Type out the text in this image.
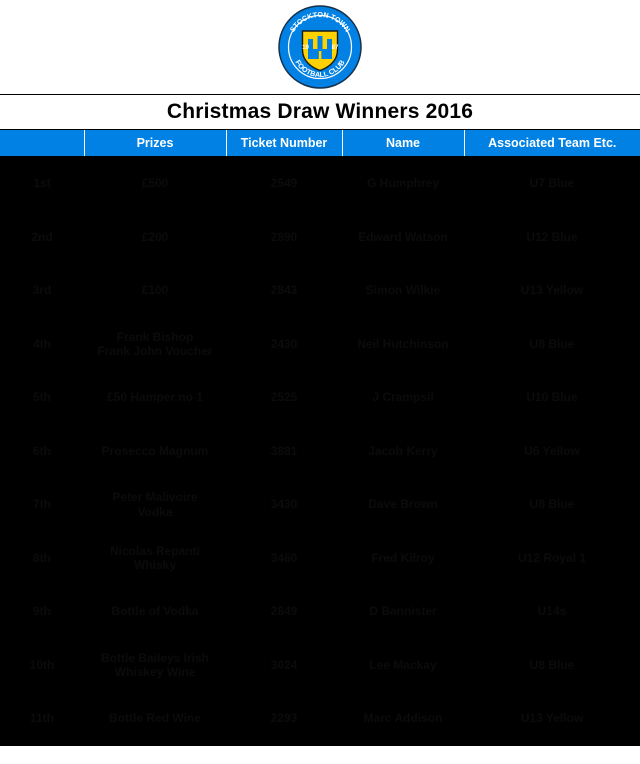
STOCKTON TOWN
FOOTBALL CLUB
19	87
Christmas Draw Winners 2016
	Prizes	Ticket Number	Name	Associated Team Etc.
1st	£500	2549	G Humphrey	U7 Blue
2nd	£200	2890	Edward Watson	U12 Blue
3rd	£100	2843	Simon Wilkie	U13 Yellow
4th	Frank Bishop
Frank John Voucher	2430	Neil Hutchinson	U8 Blue
5th	£50 Hamper no 1	2525	J Crampsil	U10 Blue
6th	Prosecco Magnum	3881	Jacob Kerry	U6 Yellow
7th	Peter Malivoire
Vodka	3430	Dave Brown	U8 Blue
8th	Nicolas Repanti
Whisky	3460	Fred Kilroy	U12 Royal 1
9th	Bottle of Vodka	2849	D Bannister	U14s
10th	Bottle Baileys Irish
Whiskey Wine	3024	Lee Mackay	U8 Blue
11th	Bottle Red Wine	2293	Marc Addison	U13 Yellow
